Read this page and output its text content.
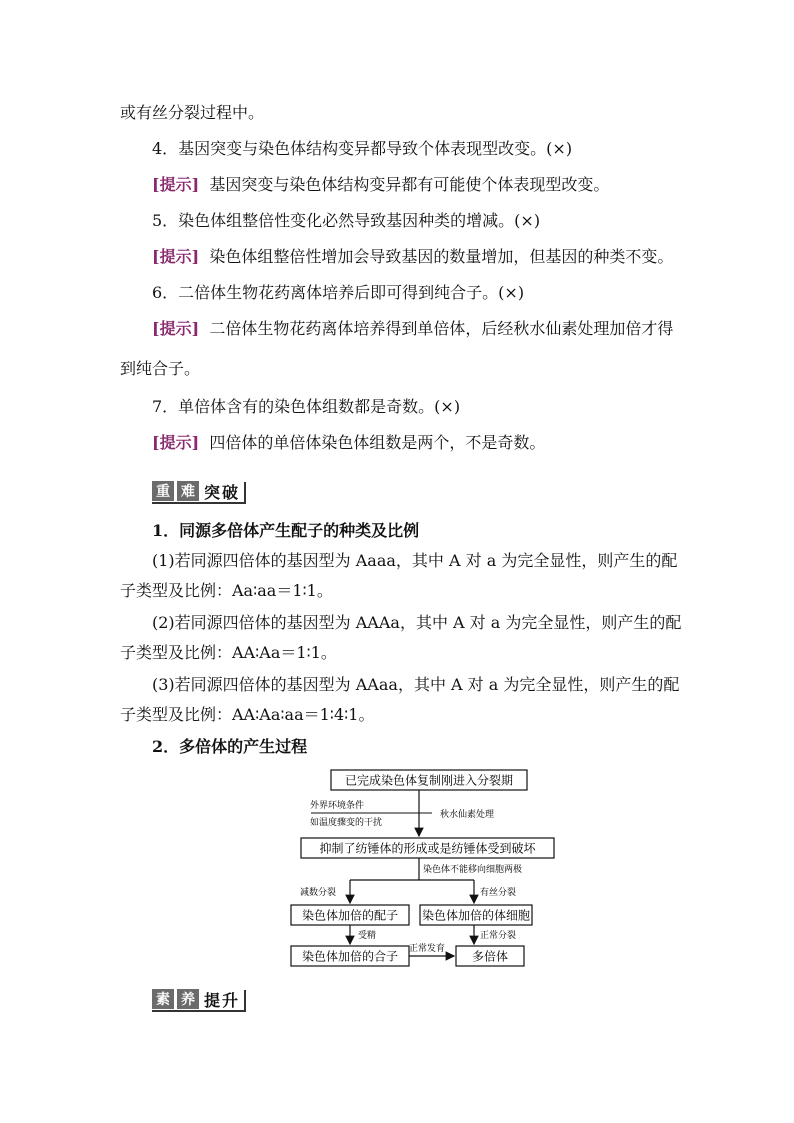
或有丝分裂过程中。
4．基因突变与染色体结构变异都导致个体表现型改变。(×)
[提示] 基因突变与染色体结构变异都有可能使个体表现型改变。
5．染色体组整倍性变化必然导致基因种类的增减。(×)
[提示] 染色体组整倍性增加会导致基因的数量增加，但基因的种类不变。
6．二倍体生物花药离体培养后即可得到纯合子。(×)
[提示] 二倍体生物花药离体培养得到单倍体，后经秋水仙素处理加倍才得
到纯合子。
7．单倍体含有的染色体组数都是奇数。(×)
[提示] 四倍体的单倍体染色体组数是两个，不是奇数。
重 难 突破
1．同源多倍体产生配子的种类及比例
(1)若同源四倍体的基因型为 Aaaa，其中 A 对 a 为完全显性，则产生的配
子类型及比例：Aa∶aa＝1∶1。
(2)若同源四倍体的基因型为 AAAa，其中 A 对 a 为完全显性，则产生的配
子类型及比例：AA∶Aa＝1∶1。
(3)若同源四倍体的基因型为 AAaa，其中 A 对 a 为完全显性，则产生的配
子类型及比例：AA∶Aa∶aa＝1∶4∶1。
2．多倍体的产生过程
已完成染色体复制刚进入分裂期
外界环境条件
如温度骤变的干扰
秋水仙素处理
抑制了纺锤体的形成或是纺锤体受到破坏
染色体不能移向细胞两极
减数分裂	有丝分裂
染色体加倍的配子 染色体加倍的体细胞
受精	正常分裂
染色体加倍的合子	多倍体
正常发育
素 养 提升
